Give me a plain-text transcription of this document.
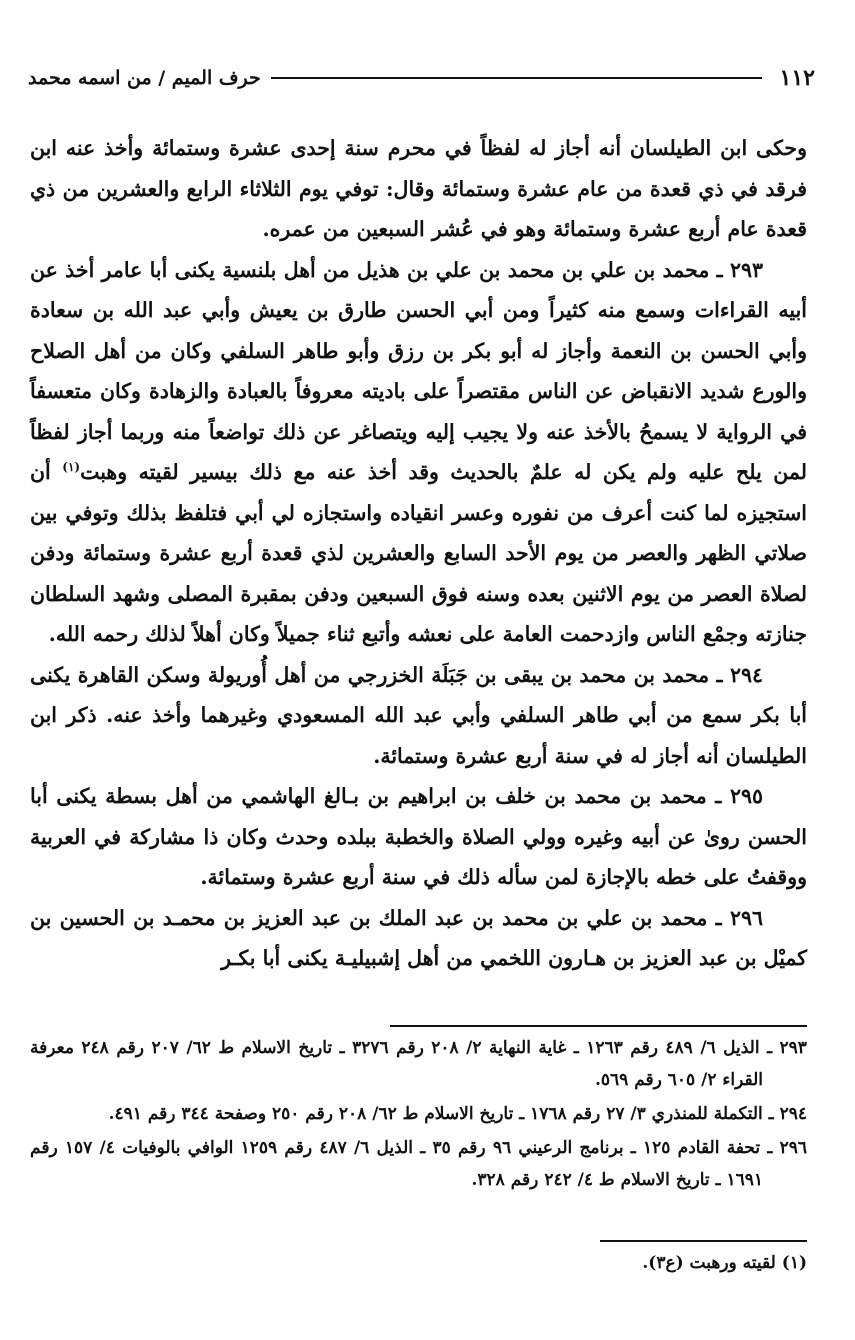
١١٢
حرف الميم / من اسمه محمد

وحكى ابن الطيلسان أنه أجاز له لفظاً في محرم سنة إحدى عشرة وستمائة وأخذ عنه ابن فرقد في ذي قعدة من عام عشرة وستمائة وقال: توفي يوم الثلاثاء الرابع والعشرين من ذي قعدة عام أربع عشرة وستمائة وهو في عُشر السبعين من عمره.

٢٩٣ ـ محمد بن علي بن محمد بن علي بن هذيل من أهل بلنسية يكنى أبا عامر أخذ عن أبيه القراءات وسمع منه كثيراً ومن أبي الحسن طارق بن يعيش وأبي عبد الله بن سعادة وأبي الحسن بن النعمة وأجاز له أبو بكر بن رزق وأبو طاهر السلفي وكان من أهل الصلاح والورع شديد الانقباض عن الناس مقتصراً على باديته معروفاً بالعبادة والزهادة وكان متعسفاً في الرواية لا يسمحُ بالأخذ عنه ولا يجيب إليه ويتصاغر عن ذلك تواضعاً منه وربما أجاز لفظاً لمن يلح عليه ولم يكن له علمٌ بالحديث وقد أخذ عنه مع ذلك بيسير لقيته وهبت$^{(١)}$ أن استجيزه لما كنت أعرف من نفوره وعسر انقياده واستجازه لي أبي فتلفظ بذلك وتوفي بين صلاتي الظهر والعصر من يوم الأحد السابع والعشرين لذي قعدة أربع عشرة وستمائة ودفن لصلاة العصر من يوم الاثنين بعده وسنه فوق السبعين ودفن بمقبرة المصلى وشهد السلطان جنازته وجمْع الناس وازدحمت العامة على نعشه وأتبع ثناء جميلاً وكان أهلاً لذلك رحمه الله.

٢٩٤ ـ محمد بن محمد بن يبقى بن جَبَلَة الخزرجي من أهل أُوريولة وسكن القاهرة يكنى أبا بكر سمع من أبي طاهر السلفي وأبي عبد الله المسعودي وغيرهما وأخذ عنه. ذكر ابن الطيلسان أنه أجاز له في سنة أربع عشرة وستمائة.

٢٩٥ ـ محمد بن محمد بن خلف بن ابراهيم بن بـالغ الهاشمي من أهل بسطة يكنى أبا الحسن روىٰ عن أبيه وغيره وولي الصلاة والخطبة ببلده وحدث وكان ذا مشاركة في العربية ووقفتُ على خطه بالإجازة لمن سأله ذلك في سنة أربع عشرة وستمائة.

٢٩٦ ـ محمد بن علي بن محمد بن عبد الملك بن عبد العزيز بن محمـد بن الحسين بن كميْل بن عبد العزيز بن هـارون اللخمي من أهل إشبيليـة يكنى أبا بكـر

٢٩٣ ـ الذيل ٦/ ٤٨٩ رقم ١٢٦٣ ـ غاية النهاية ٢/ ٢٠٨ رقم ٣٢٧٦ ـ تاريخ الاسلام ط ٦٢/ ٢٠٧ رقم ٢٤٨ معرفة القراء ٢/ ٦٠٥ رقم ٥٦٩.

٢٩٤ ـ التكملة للمنذري ٣/ ٢٧ رقم ١٧٦٨ ـ تاريخ الاسلام ط ٦٢/ ٢٠٨ رقم ٢٥٠ وصفحة ٣٤٤ رقم ٤٩١.

٢٩٦ ـ تحفة القادم ١٢٥ ـ برنامج الرعيني ٩٦ رقم ٣٥ ـ الذيل ٦/ ٤٨٧ رقم ١٢٥٩ الوافي بالوفيات ٤/ ١٥٧ رقم ١٦٩١ ـ تاريخ الاسلام ط ٤/ ٢٤٢ رقم ٣٢٨.

(١) لقيته ورهبت (ع٣).
